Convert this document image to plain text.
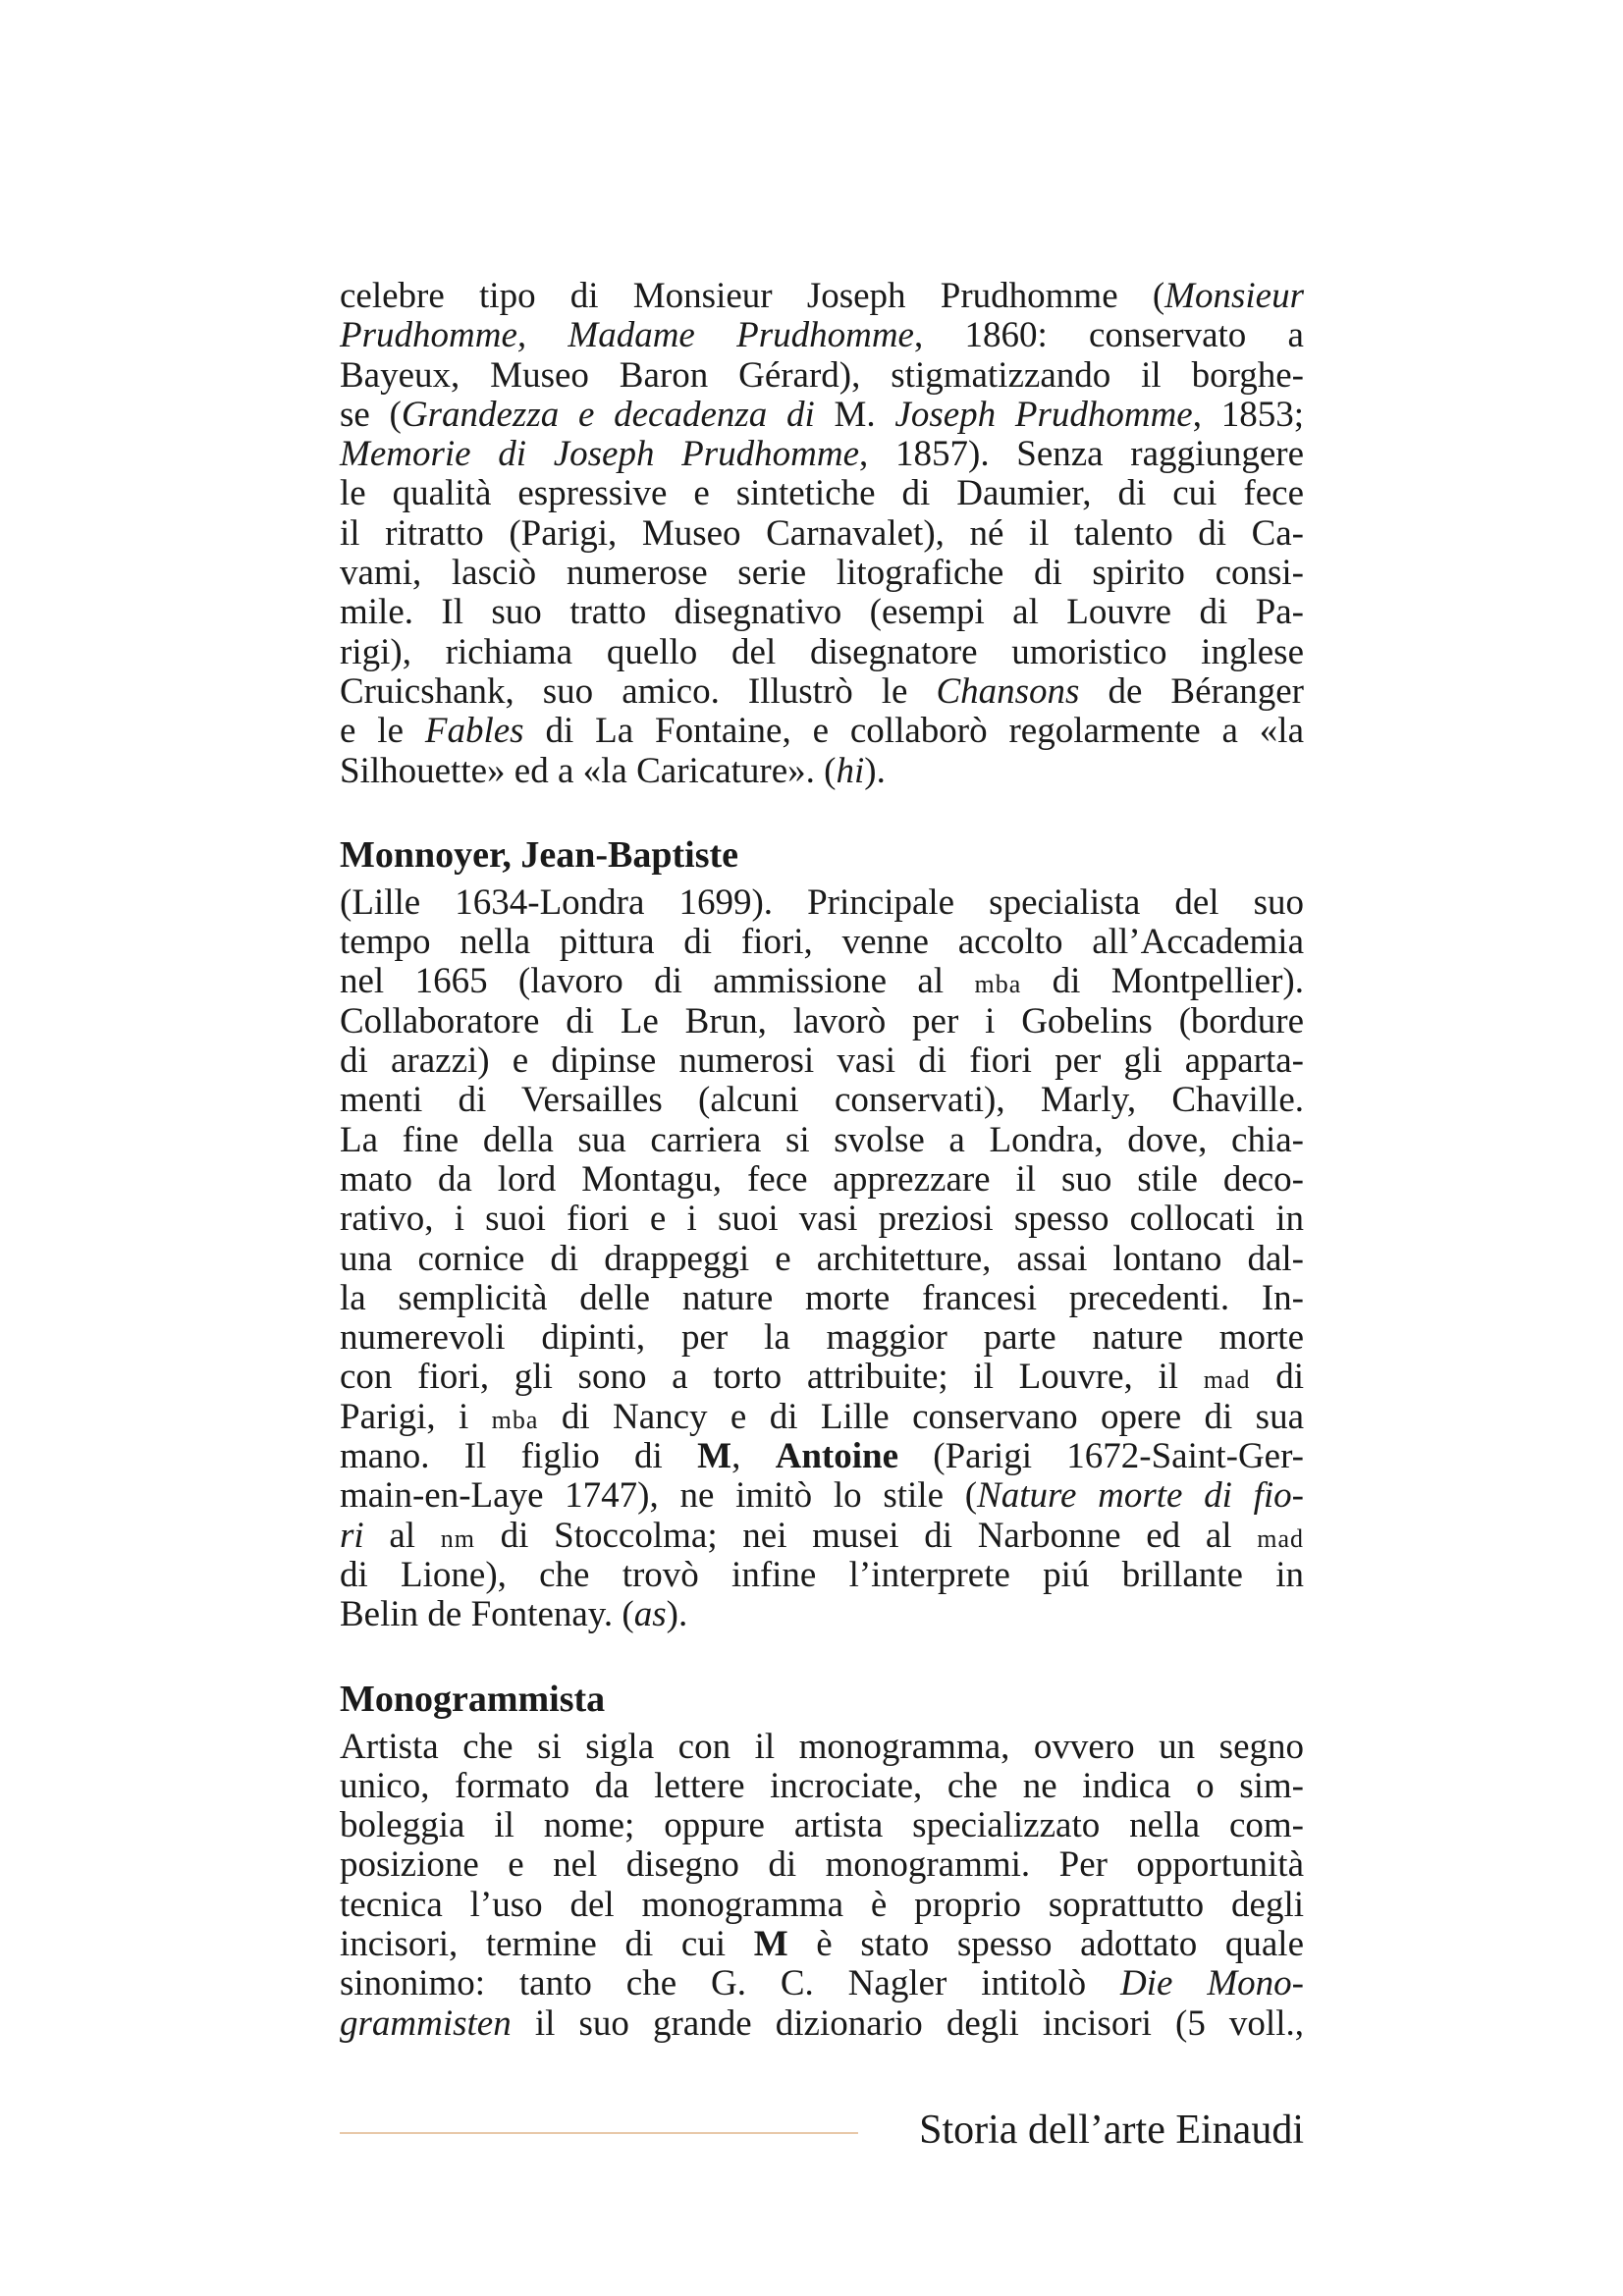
celebre tipo di Monsieur Joseph Prudhomme (Monsieur
Prudhomme, Madame Prudhomme, 1860: conservato a
Bayeux, Museo Baron Gérard), stigmatizzando il borghe-
se (Grandezza e decadenza di M. Joseph Prudhomme, 1853;
Memorie di Joseph Prudhomme, 1857). Senza raggiungere
le qualità espressive e sintetiche di Daumier, di cui fece
il ritratto (Parigi, Museo Carnavalet), né il talento di Ca-
vami, lasciò numerose serie litografiche di spirito consi-
mile. Il suo tratto disegnativo (esempi al Louvre di Pa-
rigi), richiama quello del disegnatore umoristico inglese
Cruicshank, suo amico. Illustrò le Chansons de Béranger
e le Fables di La Fontaine, e collaborò regolarmente a «la
Silhouette» ed a «la Caricature». (hi).
Monnoyer, Jean-Baptiste
(Lille 1634-Londra 1699). Principale specialista del suo
tempo nella pittura di fiori, venne accolto all’Accademia
nel 1665 (lavoro di ammissione al mba di Montpellier).
Collaboratore di Le Brun, lavorò per i Gobelins (bordure
di arazzi) e dipinse numerosi vasi di fiori per gli apparta-
menti di Versailles (alcuni conservati), Marly, Chaville.
La fine della sua carriera si svolse a Londra, dove, chia-
mato da lord Montagu, fece apprezzare il suo stile deco-
rativo, i suoi fiori e i suoi vasi preziosi spesso collocati in
una cornice di drappeggi e architetture, assai lontano dal-
la semplicità delle nature morte francesi precedenti. In-
numerevoli dipinti, per la maggior parte nature morte
con fiori, gli sono a torto attribuite; il Louvre, il mad di
Parigi, i mba di Nancy e di Lille conservano opere di sua
mano. Il figlio di M, Antoine (Parigi 1672-Saint-Ger-
main-en-Laye 1747), ne imitò lo stile (Nature morte di fio-
ri al nm di Stoccolma; nei musei di Narbonne ed al mad
di Lione), che trovò infine l’interprete piú brillante in
Belin de Fontenay. (as).
Monogrammista
Artista che si sigla con il monogramma, ovvero un segno
unico, formato da lettere incrociate, che ne indica o sim-
boleggia il nome; oppure artista specializzato nella com-
posizione e nel disegno di monogrammi. Per opportunità
tecnica l’uso del monogramma è proprio soprattutto degli
incisori, termine di cui M è stato spesso adottato quale
sinonimo: tanto che G. C. Nagler intitolò Die Mono-
grammisten il suo grande dizionario degli incisori (5 voll.,
Storia dell’arte Einaudi
